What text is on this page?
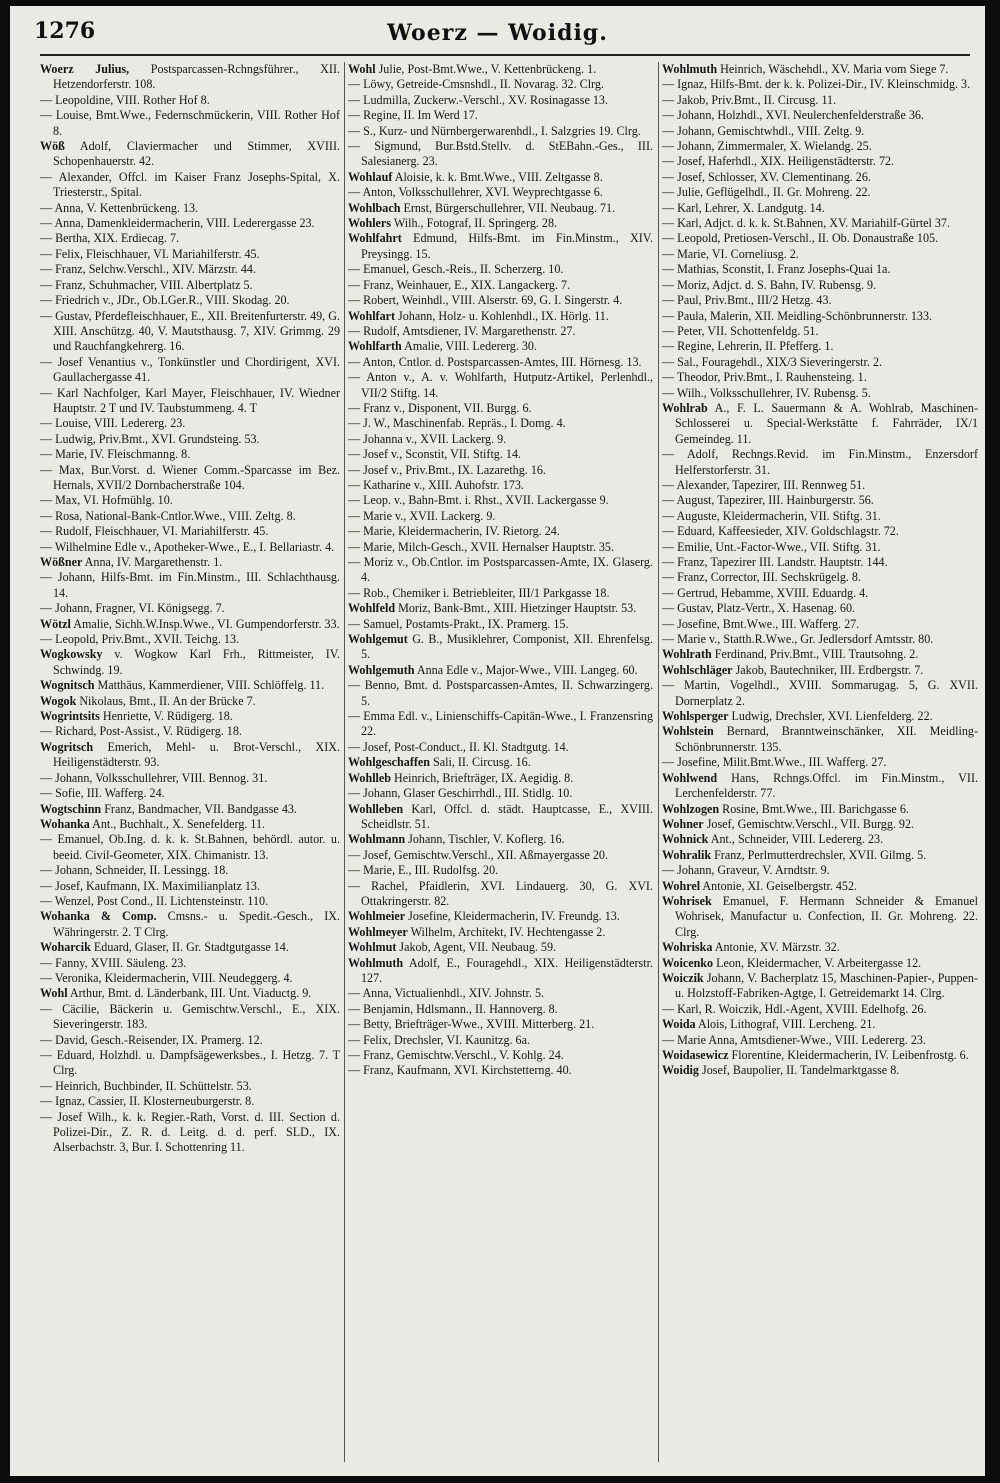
1276	Woerz — Woidig.

Woerz Julius, Postsparcassen-Rchngsführer., XII. Hetzendorferstr. 108.

— Leopoldine, VIII. Rother Hof 8.

— Louise, Bmt.Wwe., Federnschmückerin, VIII. Rother Hof 8.

Wöß Adolf, Claviermacher und Stimmer, XVIII. Schopenhauerstr. 42.

— Alexander, Offcl. im Kaiser Franz Josephs-Spital, X. Triesterstr., Spital.

— Anna, V. Kettenbrückeng. 13.

— Anna, Damenkleidermacherin, VIII. Lederergasse 23.

— Bertha, XIX. Erdiecag. 7.

— Felix, Fleischhauer, VI. Mariahilferstr. 45.

— Franz, Selchw.Verschl., XIV. Märzstr. 44.

— Franz, Schuhmacher, VIII. Albertplatz 5.

— Friedrich v., JDr., Ob.LGer.R., VIII. Skodag. 20.

— Gustav, Pferdefleischhauer, E., XII. Breitenfurterstr. 49, G. XIII. Anschützg. 40, V. Mautsthausg. 7, XIV. Grimmg. 29 und Rauchfangkehrerg. 16.

— Josef Venantius v., Tonkünstler und Chordirigent, XVI. Gaullachergasse 41.

— Karl Nachfolger, Karl Mayer, Fleischhauer, IV. Wiedner Hauptstr. 2 T und IV. Taubstummeng. 4. T

— Louise, VIII. Ledererg. 23.

— Ludwig, Priv.Bmt., XVI. Grundsteing. 53.

— Marie, IV. Fleischmanng. 8.

— Max, Bur.Vorst. d. Wiener Comm.-Sparcasse im Bez. Hernals, XVII/2 Dornbacherstraße 104.

— Max, VI. Hofmühlg. 10.

— Rosa, National-Bank-Cntlor.Wwe., VIII. Zeltg. 8.

— Rudolf, Fleischhauer, VI. Mariahilferstr. 45.

— Wilhelmine Edle v., Apotheker-Wwe., E., I. Bellariastr. 4.

Wößner Anna, IV. Margarethenstr. 1.

— Johann, Hilfs-Bmt. im Fin.Minstm., III. Schlachthausg. 14.

— Johann, Fragner, VI. Königsegg. 7.

Wötzl Amalie, Sichh.W.Insp.Wwe., VI. Gumpendorferstr. 33.

— Leopold, Priv.Bmt., XVII. Teichg. 13.

Wogkowsky v. Wogkow Karl Frh., Rittmeister, IV. Schwindg. 19.

Wognitsch Matthäus, Kammerdiener, VIII. Schlöffelg. 11.

Wogok Nikolaus, Bmt., II. An der Brücke 7.

Wogrintsits Henriette, V. Rüdigerg. 18.

— Richard, Post-Assist., V. Rüdigerg. 18.

Wogritsch Emerich, Mehl- u. Brot-Verschl., XIX. Heiligenstädterstr. 93.

— Johann, Volksschullehrer, VIII. Bennog. 31.

— Sofie, III. Wafferg. 24.

Wogtschinn Franz, Bandmacher, VII. Bandgasse 43.

Wohanka Ant., Buchhalt., X. Senefelderg. 11.

— Emanuel, Ob.Ing. d. k. k. St.Bahnen, behördl. autor. u. beeid. Civil-Geometer, XIX. Chimanistr. 13.

— Johann, Schneider, II. Lessingg. 18.

— Josef, Kaufmann, IX. Maximilianplatz 13.

— Wenzel, Post Cond., II. Lichtensteinstr. 110.

Wohanka & Comp. Cmsns.- u. Spedit.-Gesch., IX. Währingerstr. 2. T Clrg.

Woharcik Eduard, Glaser, II. Gr. Stadtgutgasse 14.

— Fanny, XVIII. Säuleng. 23.

— Veronika, Kleidermacherin, VIII. Neudeggerg. 4.

Wohl Arthur, Bmt. d. Länderbank, III. Unt. Viaductg. 9.

— Cäcilie, Bäckerin u. Gemischtw.Verschl., E., XIX. Sieveringerstr. 183.

— David, Gesch.-Reisender, IX. Pramerg. 12.

— Eduard, Holzhdl. u. Dampfsägewerksbes., I. Hetzg. 7. T Clrg.

— Heinrich, Buchbinder, II. Schüttelstr. 53.

— Ignaz, Cassier, II. Klosterneuburgerstr. 8.

— Josef Wilh., k. k. Regier.-Rath, Vorst. d. III. Section d. Polizei-Dir., Z. R. d. Leitg. d. d. perf. SLD., IX. Alserbachstr. 3, Bur. I. Schottenring 11.

Wohl Julie, Post-Bmt.Wwe., V. Kettenbrückeng. 1.

— Löwy, Getreide-Cmsnshdl., II. Novarag. 32. Clrg.

— Ludmilla, Zuckerw.-Verschl., XV. Rosinagasse 13.

— Regine, II. Im Werd 17.

— S., Kurz- und Nürnbergerwarenhdl., I. Salzgries 19. Clrg.

— Sigmund, Bur.Bstd.Stellv. d. StEBahn.-Ges., III. Salesianerg. 23.

Wohlauf Aloisie, k. k. Bmt.Wwe., VIII. Zeltgasse 8.

— Anton, Volksschullehrer, XVI. Weyprechtgasse 6.

Wohlbach Ernst, Bürgerschullehrer, VII. Neubaug. 71.

Wohlers Wilh., Fotograf, II. Springerg. 28.

Wohlfahrt Edmund, Hilfs-Bmt. im Fin.Minstm., XIV. Preysingg. 15.

— Emanuel, Gesch.-Reis., II. Scherzerg. 10.

— Franz, Weinhauer, E., XIX. Langackerg. 7.

— Robert, Weinhdl., VIII. Alserstr. 69, G. I. Singerstr. 4.

Wohlfart Johann, Holz- u. Kohlenhdl., IX. Hörlg. 11.

— Rudolf, Amtsdiener, IV. Margarethenstr. 27.

Wohlfarth Amalie, VIII. Ledererg. 30.

— Anton, Cntlor. d. Postsparcassen-Amtes, III. Hörnesg. 13.

— Anton v., A. v. Wohlfarth, Hutputz-Artikel, Perlenhdl., VII/2 Stiftg. 14.

— Franz v., Disponent, VII. Burgg. 6.

— J. W., Maschinenfab. Repräs., I. Domg. 4.

— Johanna v., XVII. Lackerg. 9.

— Josef v., Sconstit, VII. Stiftg. 14.

— Josef v., Priv.Bmt., IX. Lazarethg. 16.

— Katharine v., XIII. Auhofstr. 173.

— Leop. v., Bahn-Bmt. i. Rhst., XVII. Lackergasse 9.

— Marie v., XVII. Lackerg. 9.

— Marie, Kleidermacherin, IV. Rietorg. 24.

— Marie, Milch-Gesch., XVII. Hernalser Hauptstr. 35.

— Moriz v., Ob.Cntlor. im Postsparcassen-Amte, IX. Glaserg. 4.

— Rob., Chemiker i. Betriebleiter, III/1 Parkgasse 18.

Wohlfeld Moriz, Bank-Bmt., XIII. Hietzinger Hauptstr. 53.

— Samuel, Postamts-Prakt., IX. Pramerg. 15.

Wohlgemut G. B., Musiklehrer, Componist, XII. Ehrenfelsg. 5.

Wohlgemuth Anna Edle v., Major-Wwe., VIII. Langeg. 60.

— Benno, Bmt. d. Postsparcassen-Amtes, II. Schwarzingerg. 5.

— Emma Edl. v., Linienschiffs-Capitän-Wwe., I. Franzensring 22.

— Josef, Post-Conduct., II. Kl. Stadtgutg. 14.

Wohlgeschaffen Sali, II. Circusg. 16.

Wohlleb Heinrich, Briefträger, IX. Aegidig. 8.

— Johann, Glaser Geschirrhdl., III. Stidlg. 10.

Wohlleben Karl, Offcl. d. städt. Hauptcasse, E., XVIII. Scheidlstr. 51.

Wohlmann Johann, Tischler, V. Koflerg. 16.

— Josef, Gemischtw.Verschl., XII. Aßmayergasse 20.

— Marie, E., III. Rudolfsg. 20.

— Rachel, Pfaidlerin, XVI. Lindauerg. 30, G. XVI. Ottakringerstr. 82.

Wohlmeier Josefine, Kleidermacherin, IV. Freundg. 13.

Wohlmeyer Wilhelm, Architekt, IV. Hechtengasse 2.

Wohlmut Jakob, Agent, VII. Neubaug. 59.

Wohlmuth Adolf, E., Fouragehdl., XIX. Heiligenstädterstr. 127.

— Anna, Victualienhdl., XIV. Johnstr. 5.

— Benjamin, Hdlsmann., II. Hannoverg. 8.

— Betty, Briefträger-Wwe., XVIII. Mitterberg. 21.

— Felix, Drechsler, VI. Kaunitzg. 6a.

— Franz, Gemischtw.Verschl., V. Kohlg. 24.

— Franz, Kaufmann, XVI. Kirchstetterng. 40.

Wohlmuth Heinrich, Wäschehdl., XV. Maria vom Siege 7.

— Ignaz, Hilfs-Bmt. der k. k. Polizei-Dir., IV. Kleinschmidg. 3.

— Jakob, Priv.Bmt., II. Circusg. 11.

— Johann, Holzhdl., XVI. Neulerchenfelderstraße 36.

— Johann, Gemischtwhdl., VIII. Zeltg. 9.

— Johann, Zimmermaler, X. Wielandg. 25.

— Josef, Haferhdl., XIX. Heiligenstädterstr. 72.

— Josef, Schlosser, XV. Clementinang. 26.

— Julie, Geflügelhdl., II. Gr. Mohreng. 22.

— Karl, Lehrer, X. Landgutg. 14.

— Karl, Adjct. d. k. k. St.Bahnen, XV. Mariahilf-Gürtel 37.

— Leopold, Pretiosen-Verschl., II. Ob. Donaustraße 105.

— Marie, VI. Corneliusg. 2.

— Mathias, Sconstit, I. Franz Josephs-Quai 1a.

— Moriz, Adjct. d. S. Bahn, IV. Rubensg. 9.

— Paul, Priv.Bmt., III/2 Hetzg. 43.

— Paula, Malerin, XII. Meidling-Schönbrunnerstr. 133.

— Peter, VII. Schottenfeldg. 51.

— Regine, Lehrerin, II. Pfefferg. 1.

— Sal., Fouragehdl., XIX/3 Sieveringerstr. 2.

— Theodor, Priv.Bmt., I. Rauhensteing. 1.

— Wilh., Volksschullehrer, IV. Rubensg. 5.

Wohlrab A., F. L. Sauermann & A. Wohlrab, Maschinen-Schlosserei u. Special-Werkstätte f. Fahrräder, IX/1 Gemeindeg. 11.

— Adolf, Rechngs.Revid. im Fin.Minstm., Enzersdorf Helferstorferstr. 31.

— Alexander, Tapezirer, III. Rennweg 51.

— August, Tapezirer, III. Hainburgerstr. 56.

— Auguste, Kleidermacherin, VII. Stiftg. 31.

— Eduard, Kaffeesieder, XIV. Goldschlagstr. 72.

— Emilie, Unt.-Factor-Wwe., VII. Stiftg. 31.

— Franz, Tapezirer III. Landstr. Hauptstr. 144.

— Franz, Corrector, III. Sechskrügelg. 8.

— Gertrud, Hebamme, XVIII. Eduardg. 4.

— Gustav, Platz-Vertr., X. Hasenag. 60.

— Josefine, Bmt.Wwe., III. Wafferg. 27.

— Marie v., Statth.R.Wwe., Gr. Jedlersdorf Amtsstr. 80.

Wohlrath Ferdinand, Priv.Bmt., VIII. Trautsohng. 2.

Wohlschläger Jakob, Bautechniker, III. Erdbergstr. 7.

— Martin, Vogelhdl., XVIII. Sommarugag. 5, G. XVII. Dornerplatz 2.

Wohlsperger Ludwig, Drechsler, XVI. Lienfelderg. 22.

Wohlstein Bernard, Branntweinschänker, XII. Meidling-Schönbrunnerstr. 135.

— Josefine, Milit.Bmt.Wwe., III. Wafferg. 27.

Wohlwend Hans, Rchngs.Offcl. im Fin.Minstm., VII. Lerchenfelderstr. 77.

Wohlzogen Rosine, Bmt.Wwe., III. Barichgasse 6.

Wohner Josef, Gemischtw.Verschl., VII. Burgg. 92.

Wohnick Ant., Schneider, VIII. Ledererg. 23.

Wohralik Franz, Perlmutterdrechsler, XVII. Gilmg. 5.

— Johann, Graveur, V. Arndtstr. 9.

Wohrel Antonie, XI. Geiselbergstr. 452.

Wohrisek Emanuel, F. Hermann Schneider & Emanuel Wohrisek, Manufactur u. Confection, II. Gr. Mohreng. 22. Clrg.

Wohriska Antonie, XV. Märzstr. 32.

Woicenko Leon, Kleidermacher, V. Arbeitergasse 12.

Woiczik Johann, V. Bacherplatz 15, Maschinen-Papier-, Puppen- u. Holzstoff-Fabriken-Agtge, I. Getreidemarkt 14. Clrg.

— Karl, R. Woiczik, Hdl.-Agent, XVIII. Edelhofg. 26.

Woida Alois, Lithograf, VIII. Lercheng. 21.

— Marie Anna, Amtsdiener-Wwe., VIII. Ledererg. 23.

Woidasewicz Florentine, Kleidermacherin, IV. Leibenfrostg. 6.

Woidig Josef, Baupolier, II. Tandelmarktgasse 8.
